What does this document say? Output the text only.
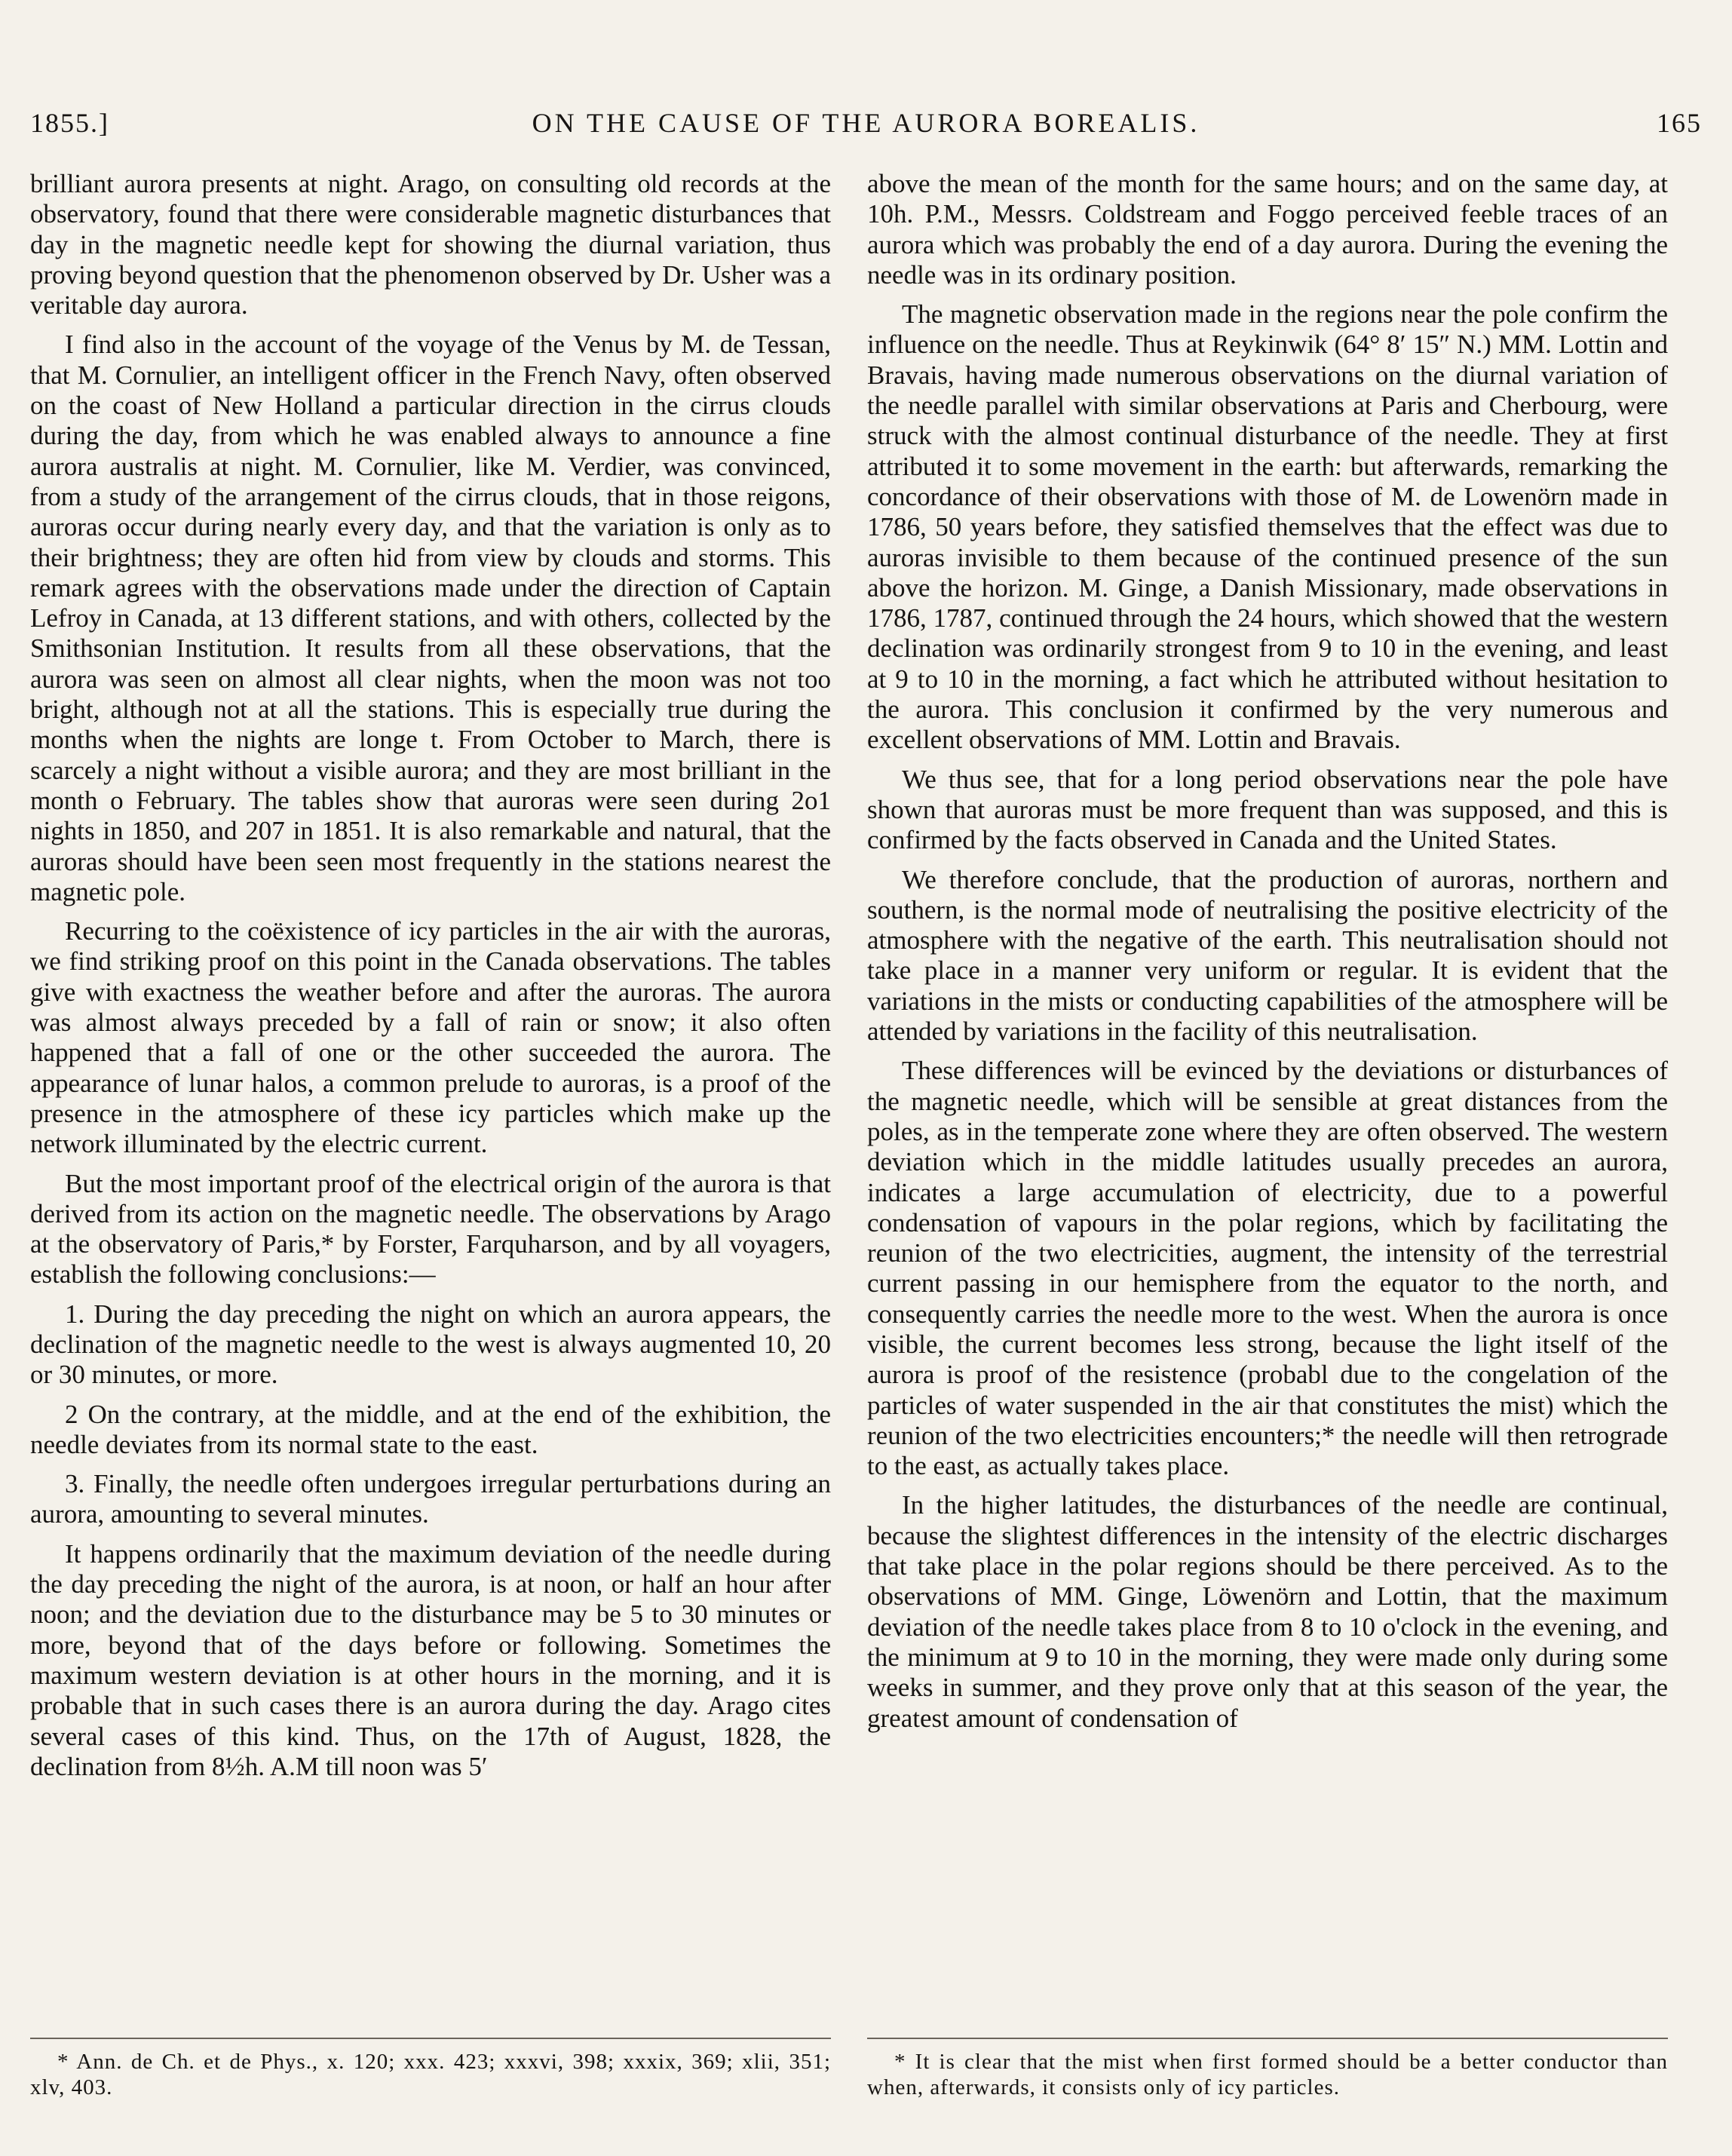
1855.]	ON THE CAUSE OF THE AURORA BOREALIS.	165

brilliant aurora presents at night. Arago, on consulting old records at the observatory, found that there were considerable magnetic disturbances that day in the magnetic needle kept for showing the diurnal variation, thus proving beyond question that the phenomenon observed by Dr. Usher was a veritable day aurora.

I find also in the account of the voyage of the Venus by M. de Tessan, that M. Cornulier, an intelligent officer in the French Navy, often observed on the coast of New Holland a particular direction in the cirrus clouds during the day, from which he was enabled always to announce a fine aurora australis at night. M. Cornulier, like M. Verdier, was convinced, from a study of the arrangement of the cirrus clouds, that in those reigons, auroras occur during nearly every day, and that the variation is only as to their brightness; they are often hid from view by clouds and storms. This remark agrees with the observations made under the direction of Captain Lefroy in Canada, at 13 different stations, and with others, collected by the Smithsonian Institution. It results from all these observations, that the aurora was seen on almost all clear nights, when the moon was not too bright, although not at all the stations. This is especially true during the months when the nights are longe t. From October to March, there is scarcely a night without a visible aurora; and they are most brilliant in the month o February. The tables show that auroras were seen during 2o1 nights in 1850, and 207 in 1851. It is also remarkable and natural, that the auroras should have been seen most frequently in the stations nearest the magnetic pole.

Recurring to the coëxistence of icy particles in the air with the auroras, we find striking proof on this point in the Canada observations. The tables give with exactness the weather before and after the auroras. The aurora was almost always preceded by a fall of rain or snow; it also often happened that a fall of one or the other succeeded the aurora. The appearance of lunar halos, a common prelude to auroras, is a proof of the presence in the atmosphere of these icy particles which make up the network illuminated by the electric current.

But the most important proof of the electrical origin of the aurora is that derived from its action on the magnetic needle. The observations by Arago at the observatory of Paris,* by Forster, Farquharson, and by all voyagers, establish the following conclusions:—

1. During the day preceding the night on which an aurora appears, the declination of the magnetic needle to the west is always augmented 10, 20 or 30 minutes, or more.

2 On the contrary, at the middle, and at the end of the exhibition, the needle deviates from its normal state to the east.

3. Finally, the needle often undergoes irregular perturbations during an aurora, amounting to several minutes.

It happens ordinarily that the maximum deviation of the needle during the day preceding the night of the aurora, is at noon, or half an hour after noon; and the deviation due to the disturbance may be 5 to 30 minutes or more, beyond that of the days before or following. Sometimes the maximum western deviation is at other hours in the morning, and it is probable that in such cases there is an aurora during the day. Arago cites several cases of this kind. Thus, on the 17th of August, 1828, the declination from 8½h. A.M till noon was 5′

above the mean of the month for the same hours; and on the same day, at 10h. P.M., Messrs. Coldstream and Foggo perceived feeble traces of an aurora which was probably the end of a day aurora. During the evening the needle was in its ordinary position.

The magnetic observation made in the regions near the pole confirm the influence on the needle. Thus at Reykinwik (64° 8′ 15″ N.) MM. Lottin and Bravais, having made numerous observations on the diurnal variation of the needle parallel with similar observations at Paris and Cherbourg, were struck with the almost continual disturbance of the needle. They at first attributed it to some movement in the earth: but afterwards, remarking the concordance of their observations with those of M. de Lowenörn made in 1786, 50 years before, they satisfied themselves that the effect was due to auroras invisible to them because of the continued presence of the sun above the horizon. M. Ginge, a Danish Missionary, made observations in 1786, 1787, continued through the 24 hours, which showed that the western declination was ordinarily strongest from 9 to 10 in the evening, and least at 9 to 10 in the morning, a fact which he attributed without hesitation to the aurora. This conclusion it confirmed by the very numerous and excellent observations of MM. Lottin and Bravais.

We thus see, that for a long period observations near the pole have shown that auroras must be more frequent than was supposed, and this is confirmed by the facts observed in Canada and the United States.

We therefore conclude, that the production of auroras, northern and southern, is the normal mode of neutralising the positive electricity of the atmosphere with the negative of the earth. This neutralisation should not take place in a manner very uniform or regular. It is evident that the variations in the mists or conducting capabilities of the atmosphere will be attended by variations in the facility of this neutralisation.

These differences will be evinced by the deviations or disturbances of the magnetic needle, which will be sensible at great distances from the poles, as in the temperate zone where they are often observed. The western deviation which in the middle latitudes usually precedes an aurora, indicates a large accumulation of electricity, due to a powerful condensation of vapours in the polar regions, which by facilitating the reunion of the two electricities, augment, the intensity of the terrestrial current passing in our hemisphere from the equator to the north, and consequently carries the needle more to the west. When the aurora is once visible, the current becomes less strong, because the light itself of the aurora is proof of the resistence (probabl due to the congelation of the particles of water suspended in the air that constitutes the mist) which the reunion of the two electricities encounters;* the needle will then retrograde to the east, as actually takes place.

In the higher latitudes, the disturbances of the needle are continual, because the slightest differences in the intensity of the electric discharges that take place in the polar regions should be there perceived. As to the observations of MM. Ginge, Löwenörn and Lottin, that the maximum deviation of the needle takes place from 8 to 10 o'clock in the evening, and the minimum at 9 to 10 in the morning, they were made only during some weeks in summer, and they prove only that at this season of the year, the greatest amount of condensation of

* Ann. de Ch. et de Phys., x. 120; xxx. 423; xxxvi, 398; xxxix, 369; xlii, 351; xlv, 403.

* It is clear that the mist when first formed should be a better conductor than when, afterwards, it consists only of icy particles.
